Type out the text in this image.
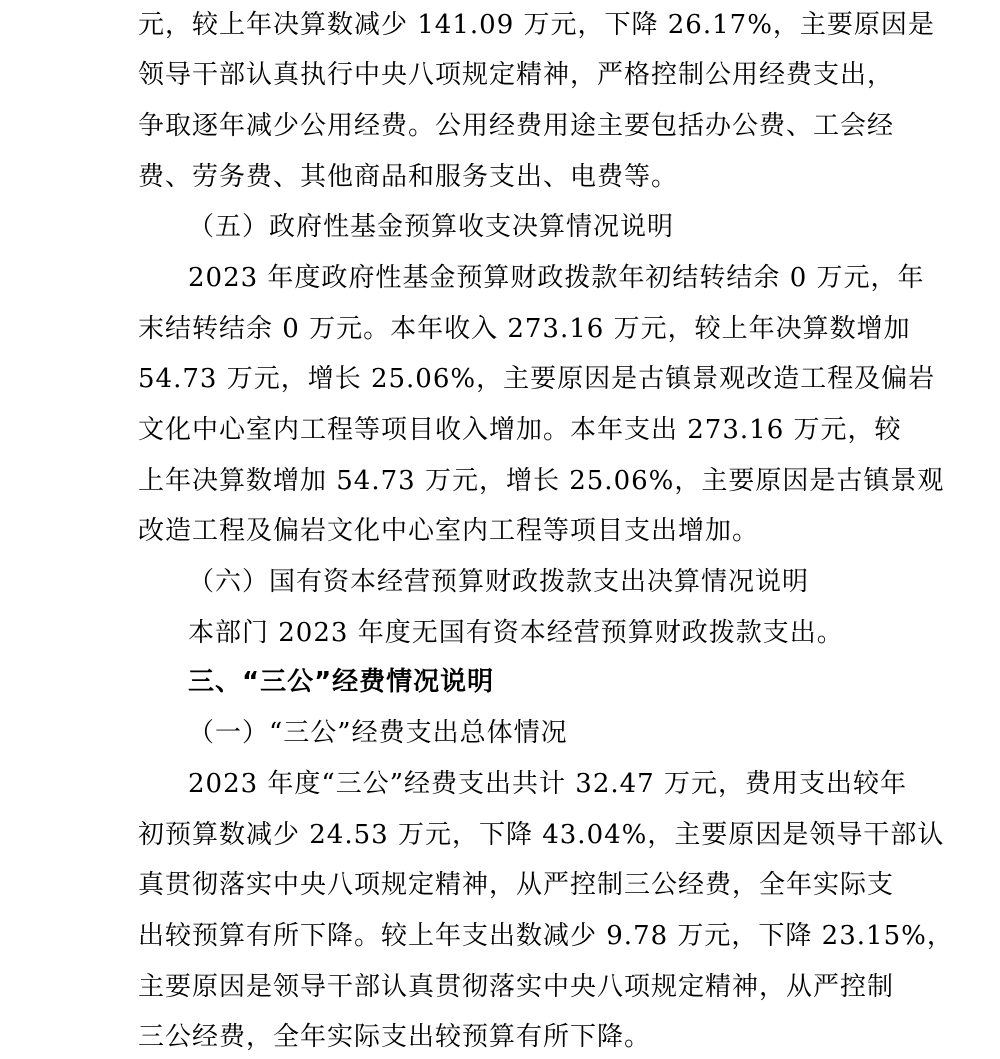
元，较上年决算数减少 141.09 万元，下降 26.17%，主要原因是
领导干部认真执行中央八项规定精神，严格控制公用经费支出，
争取逐年减少公用经费。公用经费用途主要包括办公费、工会经
费、劳务费、其他商品和服务支出、电费等。
（五）政府性基金预算收支决算情况说明
2023 年度政府性基金预算财政拨款年初结转结余 0 万元，年
末结转结余 0 万元。本年收入 273.16 万元，较上年决算数增加
54.73 万元，增长 25.06%，主要原因是古镇景观改造工程及偏岩
文化中心室内工程等项目收入增加。本年支出 273.16 万元，较
上年决算数增加 54.73 万元，增长 25.06%，主要原因是古镇景观
改造工程及偏岩文化中心室内工程等项目支出增加。
（六）国有资本经营预算财政拨款支出决算情况说明
本部门 2023 年度无国有资本经营预算财政拨款支出。
三、“三公”经费情况说明
（一）“三公”经费支出总体情况
2023 年度“三公”经费支出共计 32.47 万元，费用支出较年
初预算数减少 24.53 万元，下降 43.04%，主要原因是领导干部认
真贯彻落实中央八项规定精神，从严控制三公经费，全年实际支
出较预算有所下降。较上年支出数减少 9.78 万元，下降 23.15%，
主要原因是领导干部认真贯彻落实中央八项规定精神，从严控制
三公经费，全年实际支出较预算有所下降。
